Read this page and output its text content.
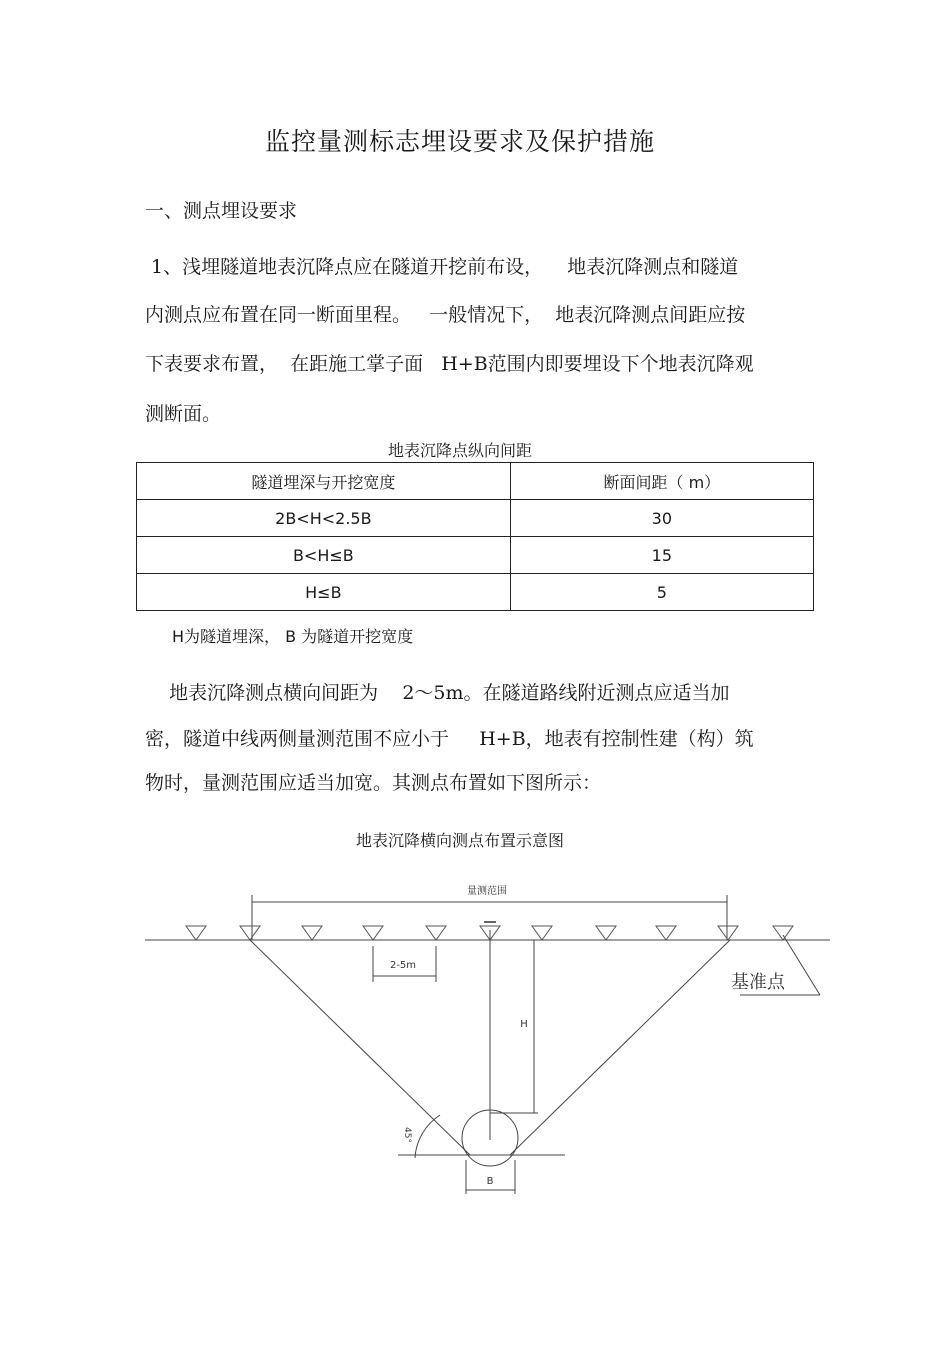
监控量测标志埋设要求及保护措施
一、测点埋设要求
1、浅埋隧道地表沉降点应在隧道开挖前布设，    地表沉降测点和隧道
内测点应布置在同一断面里程。   一般情况下，  地表沉降测点间距应按
下表要求布置，  在距施工掌子面   H+B范围内即要埋设下个地表沉降观
测断面。
地表沉降点纵向间距
隧道埋深与开挖宽度	断面间距（ m）
2B<H<2.5B	30
B<H≤B	15
H≤B	5
H为隧道埋深， B 为隧道开挖宽度
地表沉降测点横向间距为    2～5m。在隧道路线附近测点应适当加
密，隧道中线两侧量测范围不应小于     H+B，地表有控制性建（构）筑
物时，量测范围应适当加宽。其测点布置如下图所示：
地表沉降横向测点布置示意图
量测范围
2-5m
H
B
45°
基准点
